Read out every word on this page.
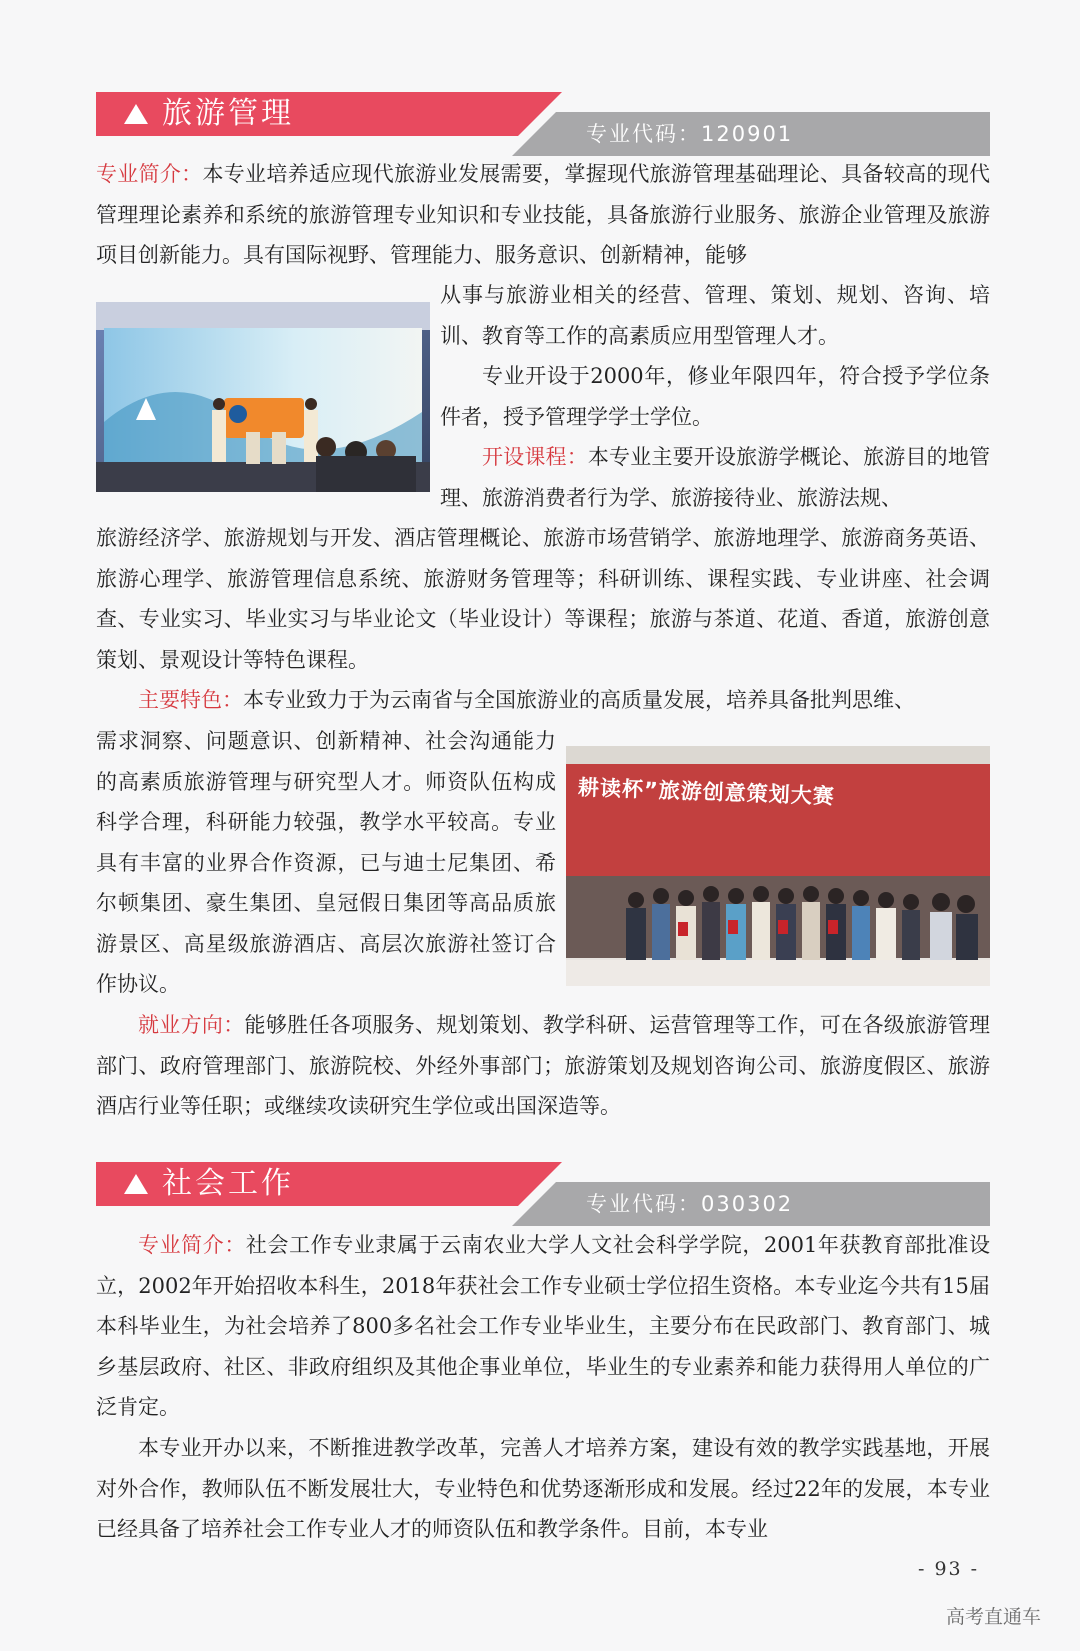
旅游管理
专业代码：120901

专业简介：本专业培养适应现代旅游业发展需要，掌握现代旅游管理基础理论、具备较高的现代管理理论素养和系统的旅游管理专业知识和专业技能，具备旅游行业服务、旅游企业管理及旅游项目创新能力。具有国际视野、管理能力、服务意识、创新精神，能够

从事与旅游业相关的经营、管理、策划、规划、咨询、培训、教育等工作的高素质应用型管理人才。

专业开设于2000年，修业年限四年，符合授予学位条件者，授予管理学学士学位。

开设课程：本专业主要开设旅游学概论、旅游目的地管理、旅游消费者行为学、旅游接待业、旅游法规、

旅游经济学、旅游规划与开发、酒店管理概论、旅游市场营销学、旅游地理学、旅游商务英语、旅游心理学、旅游管理信息系统、旅游财务管理等；科研训练、课程实践、专业讲座、社会调查、专业实习、毕业实习与毕业论文（毕业设计）等课程；旅游与茶道、花道、香道，旅游创意策划、景观设计等特色课程。

主要特色：本专业致力于为云南省与全国旅游业的高质量发展，培养具备批判思维、

需求洞察、问题意识、创新精神、社会沟通能力的高素质旅游管理与研究型人才。师资队伍构成科学合理，科研能力较强，教学水平较高。专业具有丰富的业界合作资源，已与迪士尼集团、希尔顿集团、豪生集团、皇冠假日集团等高品质旅游景区、高星级旅游酒店、高层次旅游社签订合作协议。

耕读杯”旅游创意策划大赛

就业方向：能够胜任各项服务、规划策划、教学科研、运营管理等工作，可在各级旅游管理部门、政府管理部门、旅游院校、外经外事部门；旅游策划及规划咨询公司、旅游度假区、旅游酒店行业等任职；或继续攻读研究生学位或出国深造等。

社会工作
专业代码：030302

专业简介：社会工作专业隶属于云南农业大学人文社会科学学院，2001年获教育部批准设立，2002年开始招收本科生，2018年获社会工作专业硕士学位招生资格。本专业迄今共有15届本科毕业生，为社会培养了800多名社会工作专业毕业生，主要分布在民政部门、教育部门、城乡基层政府、社区、非政府组织及其他企事业单位，毕业生的专业素养和能力获得用人单位的广泛肯定。

本专业开办以来，不断推进教学改革，完善人才培养方案，建设有效的教学实践基地，开展对外合作，教师队伍不断发展壮大，专业特色和优势逐渐形成和发展。经过22年的发展，本专业已经具备了培养社会工作专业人才的师资队伍和教学条件。目前，本专业

- 93 -
高考直通车
